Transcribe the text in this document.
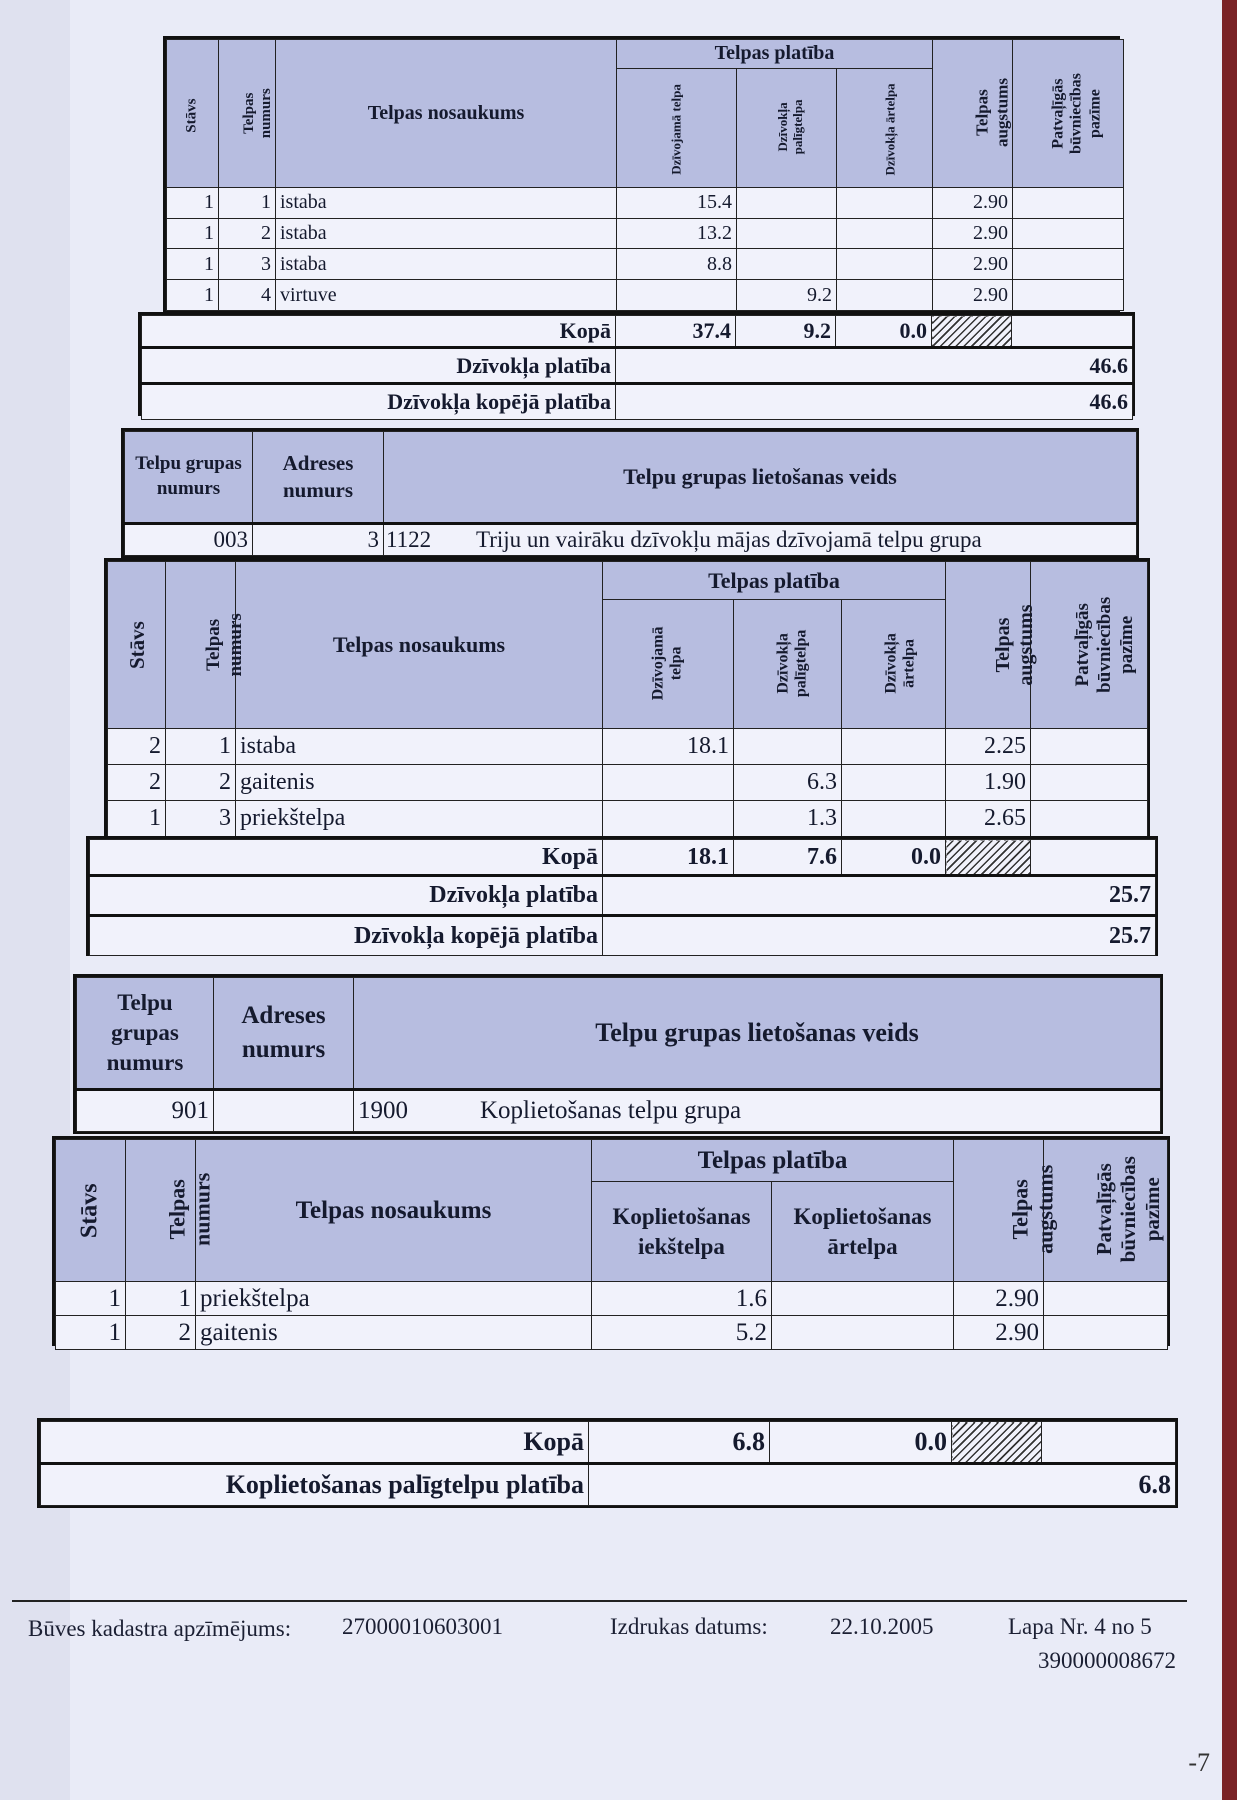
Stāvs	Telpas numurs	Telpas nosaukums	Telpas platība			Telpas augstums	Patvaļīgās būvniecības pazīme
			Dzīvojamā telpa	Dzīvokļa palīgtelpa	Dzīvokļa ārtelpa		
1	1	istaba	15.4			2.90	
1	2	istaba	13.2			2.90	
1	3	istaba	8.8			2.90	
1	4	virtuve		9.2		2.90	
Kopā	37.4	9.2	0.0		
Dzīvokļa platība	46.6				
Dzīvokļa kopējā platība	46.6				
Telpu grupas numurs	Adreses numurs	Telpu grupas lietošanas veids
003	3	1122 Triju un vairāku dzīvokļu mājas dzīvojamā telpu grupa
Stāvs	Telpas numurs	Telpas nosaukums	Telpas platība			Telpas augstums	Patvaļīgās būvniecības pazīme
			Dzīvojamā telpa	Dzīvokļa palīgtelpa	Dzīvokļa ārtelpa		
2	1	istaba	18.1			2.25	
2	2	gaitenis		6.3		1.90	
1	3	priekštelpa		1.3		2.65	
Kopā	18.1	7.6	0.0		
Dzīvokļa platība	25.7				
Dzīvokļa kopējā platība	25.7				
Telpu grupas numurs	Adreses numurs	Telpu grupas lietošanas veids
901		1900 Koplietošanas telpu grupa
Stāvs	Telpas numurs	Telpas nosaukums	Telpas platība		Telpas augstums	Patvaļīgās būvniecības pazīme
			Koplietošanas iekštelpa	Koplietošanas ārtelpa		
1	1	priekštelpa	1.6		2.90	
1	2	gaitenis	5.2		2.90	
Kopā	6.8	0.0		
Koplietošanas palīgtelpu platība	6.8			
Būves kadastra apzīmējums: 27000010603001	Izdrukas datums:	22.10.2005	Lapa Nr. 4 no 5
390000008672
-7
